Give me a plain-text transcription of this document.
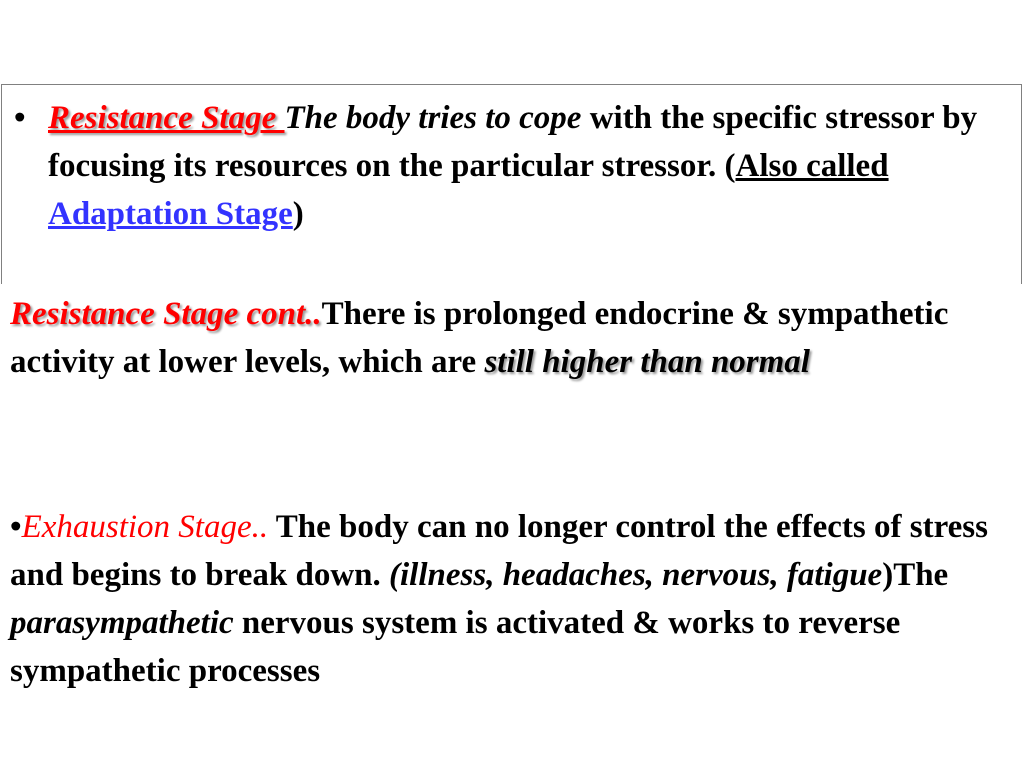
• Resistance Stage The body tries to cope with the specific stressor by focusing its resources on the particular stressor. (Also called Adaptation Stage)

Resistance Stage cont..There is prolonged endocrine & sympathetic activity at lower levels, which are still higher than normal

•Exhaustion Stage.. The body can no longer control the effects of stress and begins to break down. (illness, headaches, nervous, fatigue)The parasympathetic nervous system is activated & works to reverse sympathetic processes
